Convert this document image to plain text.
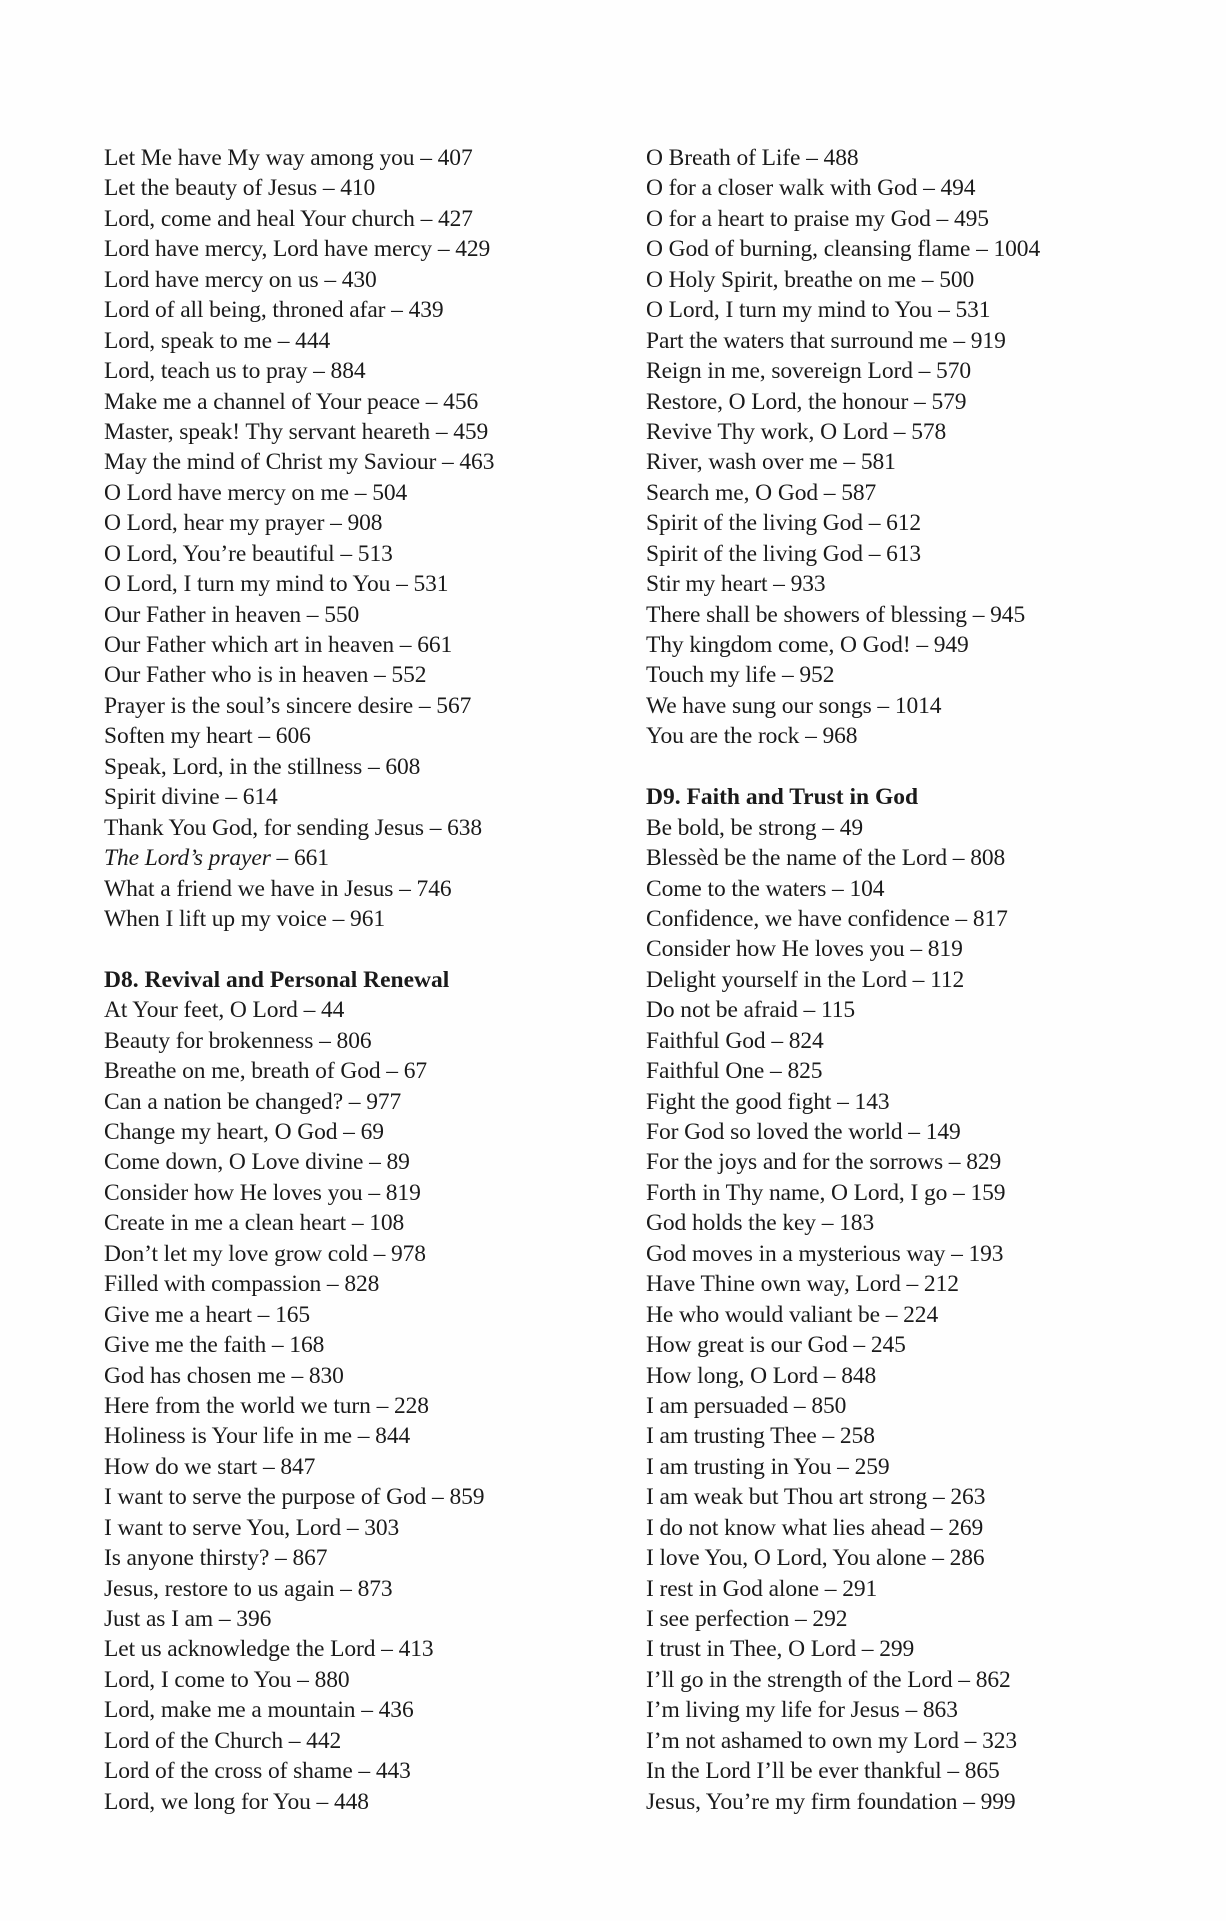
Let Me have My way among you – 407
Let the beauty of Jesus – 410
Lord, come and heal Your church – 427
Lord have mercy, Lord have mercy – 429
Lord have mercy on us – 430
Lord of all being, throned afar – 439
Lord, speak to me – 444
Lord, teach us to pray – 884
Make me a channel of Your peace – 456
Master, speak! Thy servant heareth – 459
May the mind of Christ my Saviour – 463
O Lord have mercy on me – 504
O Lord, hear my prayer – 908
O Lord, You’re beautiful – 513
O Lord, I turn my mind to You – 531
Our Father in heaven – 550
Our Father which art in heaven – 661
Our Father who is in heaven – 552
Prayer is the soul’s sincere desire – 567
Soften my heart – 606
Speak, Lord, in the stillness – 608
Spirit divine – 614
Thank You God, for sending Jesus – 638
The Lord’s prayer – 661
What a friend we have in Jesus – 746
When I lift up my voice – 961
D8. Revival and Personal Renewal
At Your feet, O Lord – 44
Beauty for brokenness – 806
Breathe on me, breath of God – 67
Can a nation be changed? – 977
Change my heart, O God – 69
Come down, O Love divine – 89
Consider how He loves you – 819
Create in me a clean heart – 108
Don’t let my love grow cold – 978
Filled with compassion – 828
Give me a heart – 165
Give me the faith – 168
God has chosen me – 830
Here from the world we turn – 228
Holiness is Your life in me – 844
How do we start – 847
I want to serve the purpose of God – 859
I want to serve You, Lord – 303
Is anyone thirsty? – 867
Jesus, restore to us again – 873
Just as I am – 396
Let us acknowledge the Lord – 413
Lord, I come to You – 880
Lord, make me a mountain – 436
Lord of the Church – 442
Lord of the cross of shame – 443
Lord, we long for You – 448
O Breath of Life – 488
O for a closer walk with God – 494
O for a heart to praise my God – 495
O God of burning, cleansing flame – 1004
O Holy Spirit, breathe on me – 500
O Lord, I turn my mind to You – 531
Part the waters that surround me – 919
Reign in me, sovereign Lord – 570
Restore, O Lord, the honour – 579
Revive Thy work, O Lord – 578
River, wash over me – 581
Search me, O God – 587
Spirit of the living God – 612
Spirit of the living God – 613
Stir my heart – 933
There shall be showers of blessing – 945
Thy kingdom come, O God! – 949
Touch my life – 952
We have sung our songs – 1014
You are the rock – 968
D9. Faith and Trust in God
Be bold, be strong – 49
Blessèd be the name of the Lord – 808
Come to the waters – 104
Confidence, we have confidence – 817
Consider how He loves you – 819
Delight yourself in the Lord – 112
Do not be afraid – 115
Faithful God – 824
Faithful One – 825
Fight the good fight – 143
For God so loved the world – 149
For the joys and for the sorrows – 829
Forth in Thy name, O Lord, I go – 159
God holds the key – 183
God moves in a mysterious way – 193
Have Thine own way, Lord – 212
He who would valiant be – 224
How great is our God – 245
How long, O Lord – 848
I am persuaded – 850
I am trusting Thee – 258
I am trusting in You – 259
I am weak but Thou art strong – 263
I do not know what lies ahead – 269
I love You, O Lord, You alone – 286
I rest in God alone – 291
I see perfection – 292
I trust in Thee, O Lord – 299
I’ll go in the strength of the Lord – 862
I’m living my life for Jesus – 863
I’m not ashamed to own my Lord – 323
In the Lord I’ll be ever thankful – 865
Jesus, You’re my firm foundation – 999
